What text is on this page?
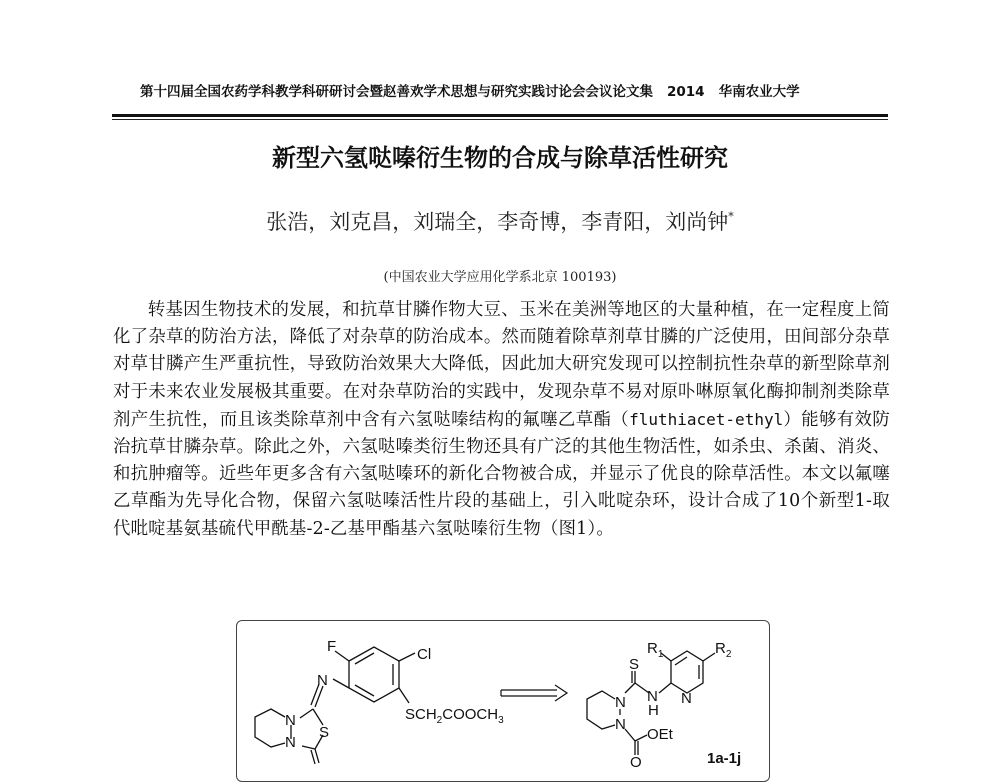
第十四届全国农药学科教学科研研讨会暨赵善欢学术思想与研究实践讨论会会议论文集 2014 华南农业大学
新型六氢哒嗪衍生物的合成与除草活性研究
张浩，刘克昌，刘瑞全，李奇博，李青阳，刘尚钟*
(中国农业大学应用化学系北京 100193)
转基因生物技术的发展，和抗草甘膦作物大豆、玉米在美洲等地区的大量种植，在一定程度上简化了杂草的防治方法，降低了对杂草的防治成本。然而随着除草剂草甘膦的广泛使用，田间部分杂草对草甘膦产生严重抗性，导致防治效果大大降低，因此加大研究发现可以控制抗性杂草的新型除草剂对于未来农业发展极其重要。在对杂草防治的实践中，发现杂草不易对原卟啉原氧化酶抑制剂类除草剂产生抗性，而且该类除草剂中含有六氢哒嗪结构的氟噻乙草酯（fluthiacet-ethyl）能够有效防治抗草甘膦杂草。除此之外，六氢哒嗪类衍生物还具有广泛的其他生物活性，如杀虫、杀菌、消炎、和抗肿瘤等。近些年更多含有六氢哒嗪环的新化合物被合成，并显示了优良的除草活性。本文以氟噻乙草酯为先导化合物，保留六氢哒嗪活性片段的基础上，引入吡啶杂环，设计合成了10个新型1-取代吡啶基氨基硫代甲酰基-2-乙基甲酯基六氢哒嗪衍生物（图1）。
F	Cl
N
N
N
S
$SCH_2COOCH_3$
S
N
N
N
H
N
OEt
O
$R_1$	$R_2$
1a-1j
